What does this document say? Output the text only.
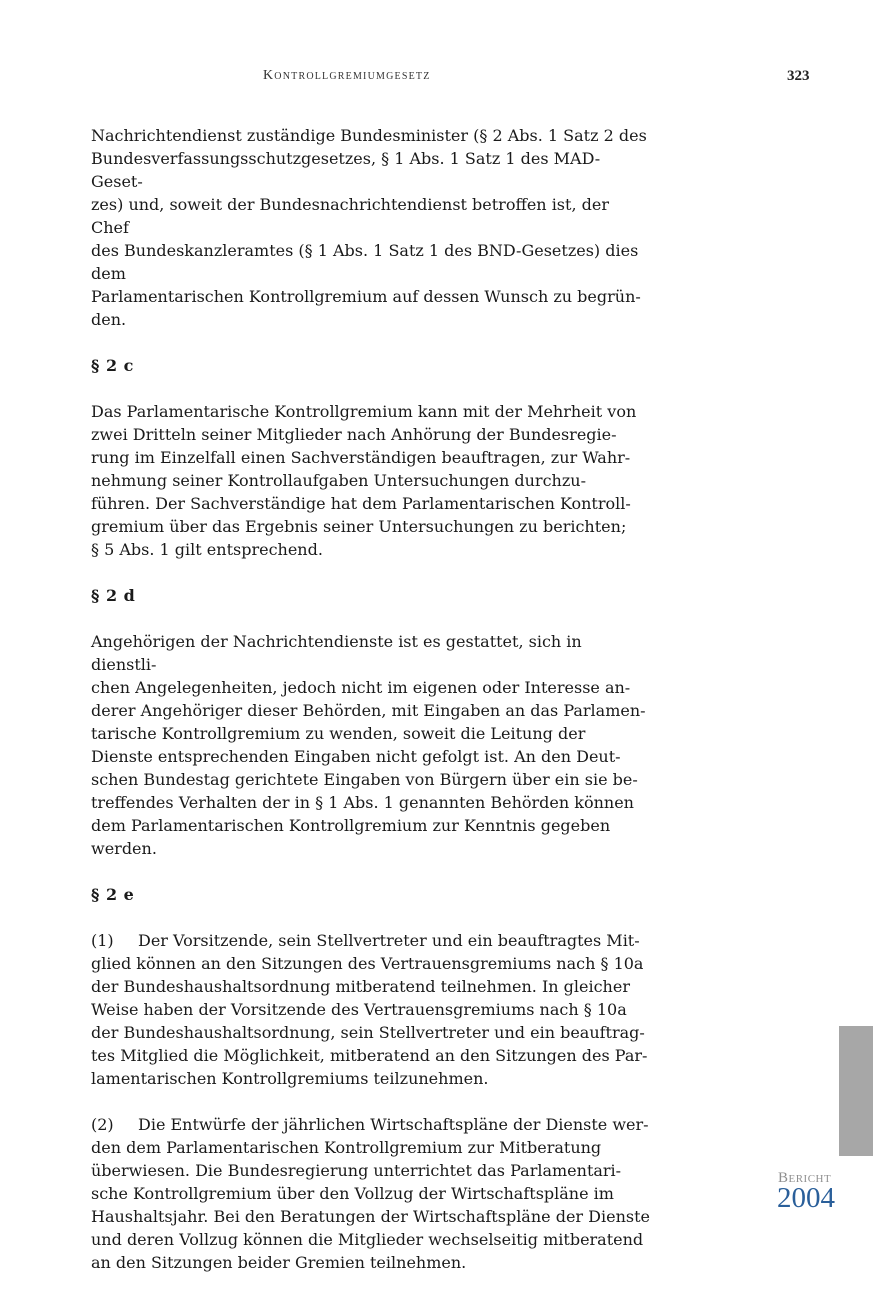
Kontrollgremiumgesetz	323

Nachrichtendienst zuständige Bundesminister (§ 2 Abs. 1 Satz 2 des
Bundesverfassungsschutzgesetzes, § 1 Abs. 1 Satz 1 des MAD-Geset-
zes) und, soweit der Bundesnachrichtendienst betroffen ist, der Chef
des Bundeskanzleramtes (§ 1 Abs. 1 Satz 1 des BND-Gesetzes) dies dem
Parlamentarischen Kontrollgremium auf dessen Wunsch zu begrün-
den.

§ 2 c

Das Parlamentarische Kontrollgremium kann mit der Mehrheit von
zwei Dritteln seiner Mitglieder nach Anhörung der Bundesregie-
rung im Einzelfall einen Sachverständigen beauftragen, zur Wahr-
nehmung seiner Kontrollaufgaben Untersuchungen durchzu-
führen. Der Sachverständige hat dem Parlamentarischen Kontroll-
gremium über das Ergebnis seiner Untersuchungen zu berichten;
§ 5 Abs. 1 gilt entsprechend.

§ 2 d

Angehörigen der Nachrichtendienste ist es gestattet, sich in dienstli-
chen Angelegenheiten, jedoch nicht im eigenen oder Interesse an-
derer Angehöriger dieser Behörden, mit Eingaben an das Parlamen-
tarische Kontrollgremium zu wenden, soweit die Leitung der
Dienste entsprechenden Eingaben nicht gefolgt ist. An den Deut-
schen Bundestag gerichtete Eingaben von Bürgern über ein sie be-
treffendes Verhalten der in § 1 Abs. 1 genannten Behörden können
dem Parlamentarischen Kontrollgremium zur Kenntnis gegeben
werden.

§ 2 e

(1) Der Vorsitzende, sein Stellvertreter und ein beauftragtes Mit-
glied können an den Sitzungen des Vertrauensgremiums nach § 10a
der Bundeshaushaltsordnung mitberatend teilnehmen. In gleicher
Weise haben der Vorsitzende des Vertrauensgremiums nach § 10a
der Bundeshaushaltsordnung, sein Stellvertreter und ein beauftrag-
tes Mitglied die Möglichkeit, mitberatend an den Sitzungen des Par-
lamentarischen Kontrollgremiums teilzunehmen.

(2) Die Entwürfe der jährlichen Wirtschaftspläne der Dienste wer-
den dem Parlamentarischen Kontrollgremium zur Mitberatung
überwiesen. Die Bundesregierung unterrichtet das Parlamentari-
sche Kontrollgremium über den Vollzug der Wirtschaftspläne im
Haushaltsjahr. Bei den Beratungen der Wirtschaftspläne der Dienste
und deren Vollzug können die Mitglieder wechselseitig mitberatend
an den Sitzungen beider Gremien teilnehmen.

Bericht
2004
